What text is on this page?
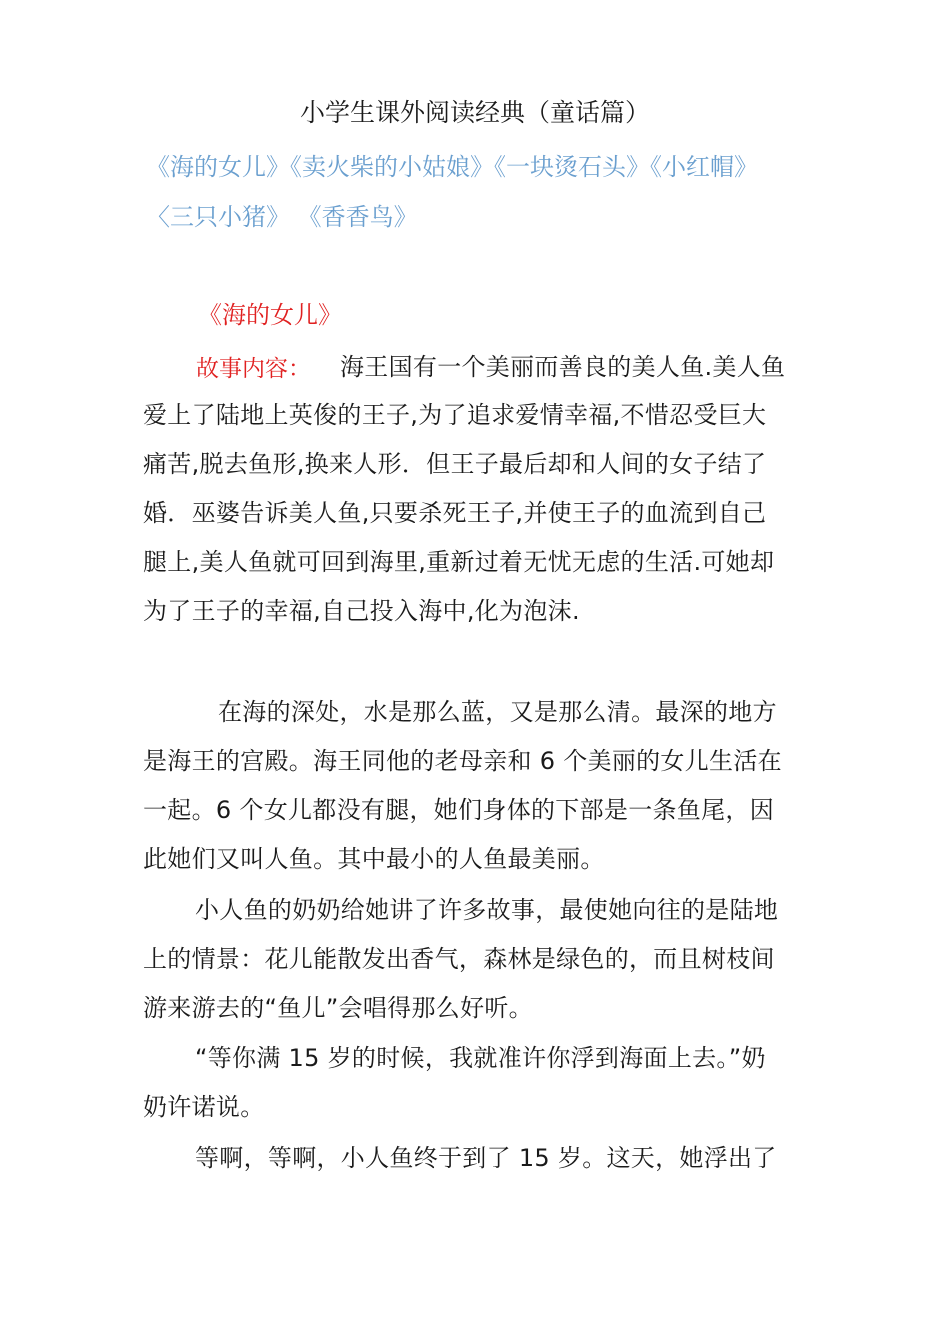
小学生课外阅读经典（童话篇）
《海的女儿》《卖火柴的小姑娘》《一块烫石头》《小红帽》
〈三只小猪》 《香香鸟》
《海的女儿》
故事内容： 海王国有一个美丽而善良的美人鱼.美人鱼
爱上了陆地上英俊的王子,为了追求爱情幸福,不惜忍受巨大
痛苦,脱去鱼形,换来人形．但王子最后却和人间的女子结了
婚．巫婆告诉美人鱼,只要杀死王子,并使王子的血流到自己
腿上,美人鱼就可回到海里,重新过着无忧无虑的生活.可她却
为了王子的幸福,自己投入海中,化为泡沫.
在海的深处，水是那么蓝，又是那么清。最深的地方
是海王的宫殿。海王同他的老母亲和 6 个美丽的女儿生活在
一起。6 个女儿都没有腿，她们身体的下部是一条鱼尾，因
此她们又叫人鱼。其中最小的人鱼最美丽。
小人鱼的奶奶给她讲了许多故事，最使她向往的是陆地
上的情景：花儿能散发出香气，森林是绿色的，而且树枝间
游来游去的“鱼儿”会唱得那么好听。
“等你满 15 岁的时候，我就准许你浮到海面上去。”奶
奶许诺说。
等啊，等啊，小人鱼终于到了 15 岁。这天，她浮出了
